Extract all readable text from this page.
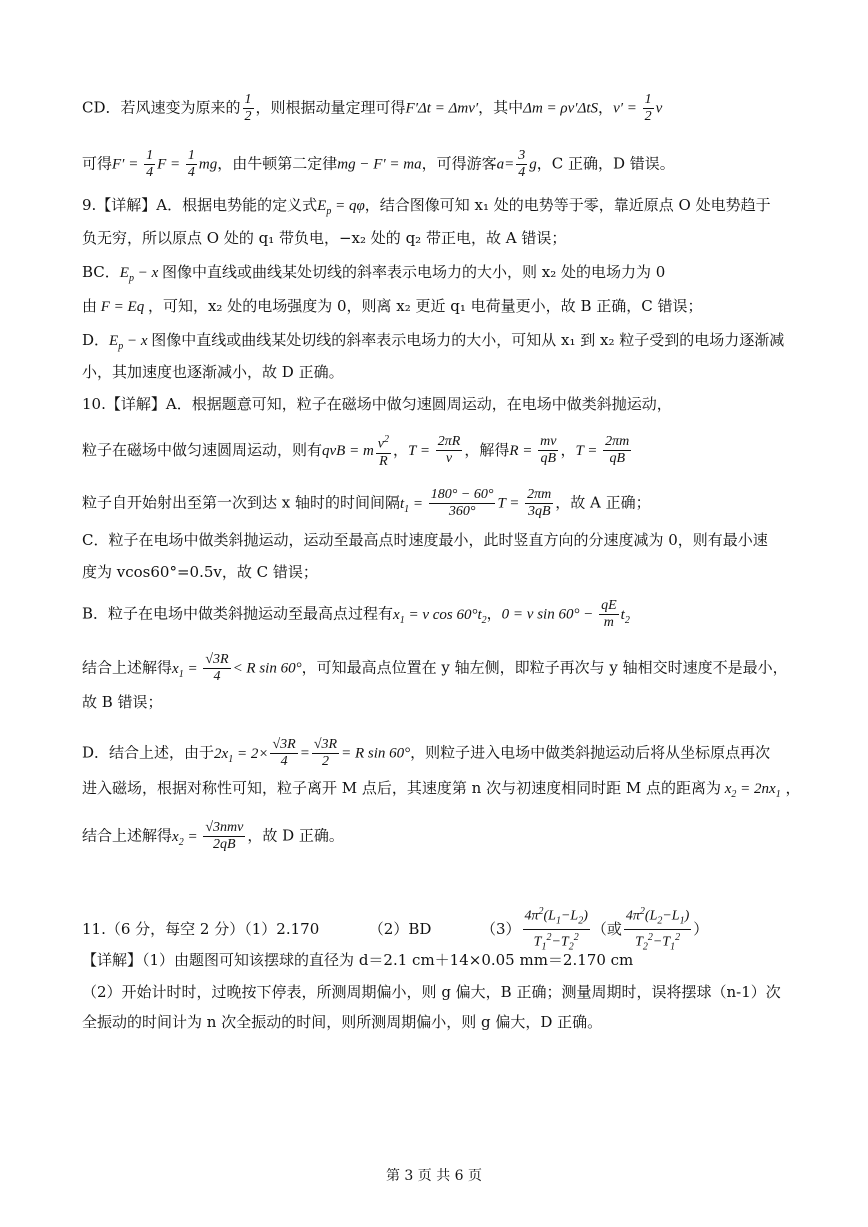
CD．若风速变为原来的 $\frac{1}{2}$ ，则根据动量定理可得F′Δt = Δmv′，其中Δm = ρv′ΔtS，$v' = \frac{1}{2}$ v
可得$F' = \frac{1}{4}$ $F = \frac{1}{4}$ mg，由牛顿第二定律mg − F′ = ma，可得游客$a= \frac{3}{4}$ g，C 正确，D 错误。
9.【详解】A．根据电势能的定义式$E_p = q\varphi$，结合图像可知 x₁ 处的电势等于零，靠近原点 O 处电势趋于
负无穷，所以原点 O 处的 q₁ 带负电，−x₂ 处的 q₂ 带正电，故 A 错误；
BC．$E_p - x$ 图像中直线或曲线某处切线的斜率表示电场力的大小，则 x₂ 处的电场力为 0
由 F = Eq ，可知，x₂ 处的电场强度为 0，则离 x₂ 更近 q₁ 电荷量更小，故 B 正确，C 错误；
D．$E_p - x$ 图像中直线或曲线某处切线的斜率表示电场力的大小，可知从 x₁ 到 x₂ 粒子受到的电场力逐渐减
小，其加速度也逐渐减小，故 D 正确。
10.【详解】A．根据题意可知，粒子在磁场中做匀速圆周运动，在电场中做类斜抛运动，
粒子在磁场中做匀速圆周运动，则有qvB = m $\frac{v^2}{R}$ ，$T = \frac{2\pi R}{v}$ ，解得$R = \frac{mv}{qB}$ ，$T = \frac{2\pi m}{qB}$
粒子自开始射出至第一次到达 x 轴时的时间间隔$t_1 = \frac{180^\circ - 60^\circ}{360^\circ}$ $T = \frac{2\pi m}{3qB}$ ，故 A 正确；
C．粒子在电场中做类斜抛运动，运动至最高点时速度最小，此时竖直方向的分速度减为 0，则有最小速
度为 vcos60°=0.5v，故 C 错误；
B．粒子在电场中做类斜抛运动至最高点过程有$x_1 = v$ $\cos 60^\circ t_2$，0 = v $\sin 60^\circ - \frac{qE}{m} t_2$
结合上述解得$x_1 = \frac{√3R}{4} < R$ sin 60°，可知最高点位置在 y 轴左侧，即粒子再次与 y 轴相交时速度不是最小，
故 B 错误；
D．结合上述，由于$2x_1 = 2\times \frac{√3R}{4} = \frac{√3R}{2} = R$ sin 60°，则粒子进入电场中做类斜抛运动后将从坐标原点再次
进入磁场，根据对称性可知，粒子离开 M 点后，其速度第 n 次与初速度相同时距 M 点的距离为 $x_2 = 2nx_1$ ，
结合上述解得$x_2$ =
√3nmv
2qB ，故 D 正确。
11.（6 分，每空 2 分）（1）2.170	（2）BD	$(3) \frac{4\pi^2(L_1-L_2)}{T_1^2-T_2^2}$ （或 $\frac{4\pi^2(L_2-L_1)}{T_2^2-T_1^2}$ ）
【详解】（1）由题图可知该摆球的直径为 d＝2.1 cm＋14×0.05 mm＝2.170 cm
（2）开始计时时，过晚按下停表，所测周期偏小，则 g 偏大，B 正确；测量周期时，误将摆球（n-1）次
全振动的时间计为 n 次全振动的时间，则所测周期偏小，则 g 偏大，D 正确。
第 3 页 共 6 页
